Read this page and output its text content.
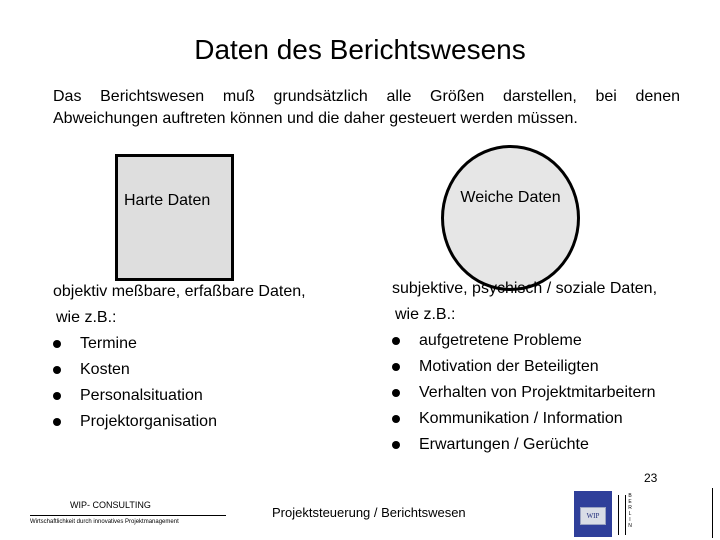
Daten des Berichtswesens
Das Berichtswesen muß grundsätzlich alle Größen darstellen, bei denen
Abweichungen auftreten können und die daher gesteuert werden müssen.
Harte Daten	Weiche Daten
objektiv meßbare, erfaßbare Daten,
wie z.B.:
Termine
Kosten
Personalsituation
Projektorganisation
subjektive, psychisch / soziale Daten,
wie z.B.:
aufgetretene Probleme
Motivation der Beteiligten
Verhalten von Projektmitarbeitern
Kommunikation / Information
Erwartungen / Gerüchte
WIP- CONSULTING
Wirtschaftlichkeit durch innovatives Projektmanagement
Projektsteuerung / Berichtswesen	WIP
B
E
R
L
I
N
23
